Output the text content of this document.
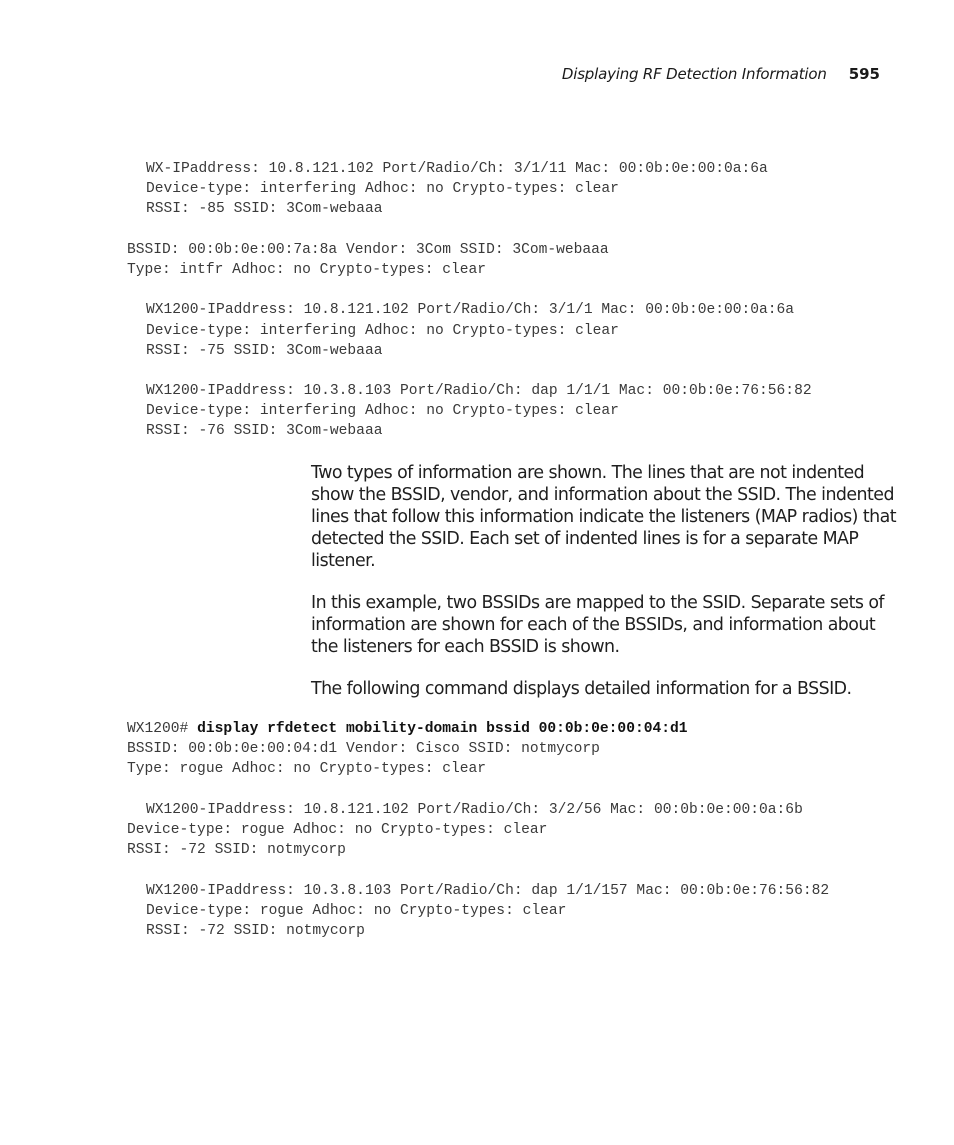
Displaying RF Detection Information 595
WX-IPaddress: 10.8.121.102 Port/Radio/Ch: 3/1/11 Mac: 00:0b:0e:00:0a:6a
Device-type: interfering Adhoc: no Crypto-types: clear
RSSI: -85 SSID: 3Com-webaaa
BSSID: 00:0b:0e:00:7a:8a Vendor: 3Com SSID: 3Com-webaaa
Type: intfr Adhoc: no Crypto-types: clear
WX1200-IPaddress: 10.8.121.102 Port/Radio/Ch: 3/1/1 Mac: 00:0b:0e:00:0a:6a
Device-type: interfering Adhoc: no Crypto-types: clear
RSSI: -75 SSID: 3Com-webaaa
WX1200-IPaddress: 10.3.8.103 Port/Radio/Ch: dap 1/1/1 Mac: 00:0b:0e:76:56:82
Device-type: interfering Adhoc: no Crypto-types: clear
RSSI: -76 SSID: 3Com-webaaa

Two types of information are shown. The lines that are not indented show the BSSID, vendor, and information about the SSID. The indented lines that follow this information indicate the listeners (MAP radios) that detected the SSID. Each set of indented lines is for a separate MAP listener.

In this example, two BSSIDs are mapped to the SSID. Separate sets of information are shown for each of the BSSIDs, and information about the listeners for each BSSID is shown.

The following command displays detailed information for a BSSID.

WX1200# display rfdetect mobility-domain bssid 00:0b:0e:00:04:d1
BSSID: 00:0b:0e:00:04:d1 Vendor: Cisco SSID: notmycorp
Type: rogue Adhoc: no Crypto-types: clear
WX1200-IPaddress: 10.8.121.102 Port/Radio/Ch: 3/2/56 Mac: 00:0b:0e:00:0a:6b
Device-type: rogue Adhoc: no Crypto-types: clear
RSSI: -72 SSID: notmycorp
WX1200-IPaddress: 10.3.8.103 Port/Radio/Ch: dap 1/1/157 Mac: 00:0b:0e:76:56:82
Device-type: rogue Adhoc: no Crypto-types: clear
RSSI: -72 SSID: notmycorp
